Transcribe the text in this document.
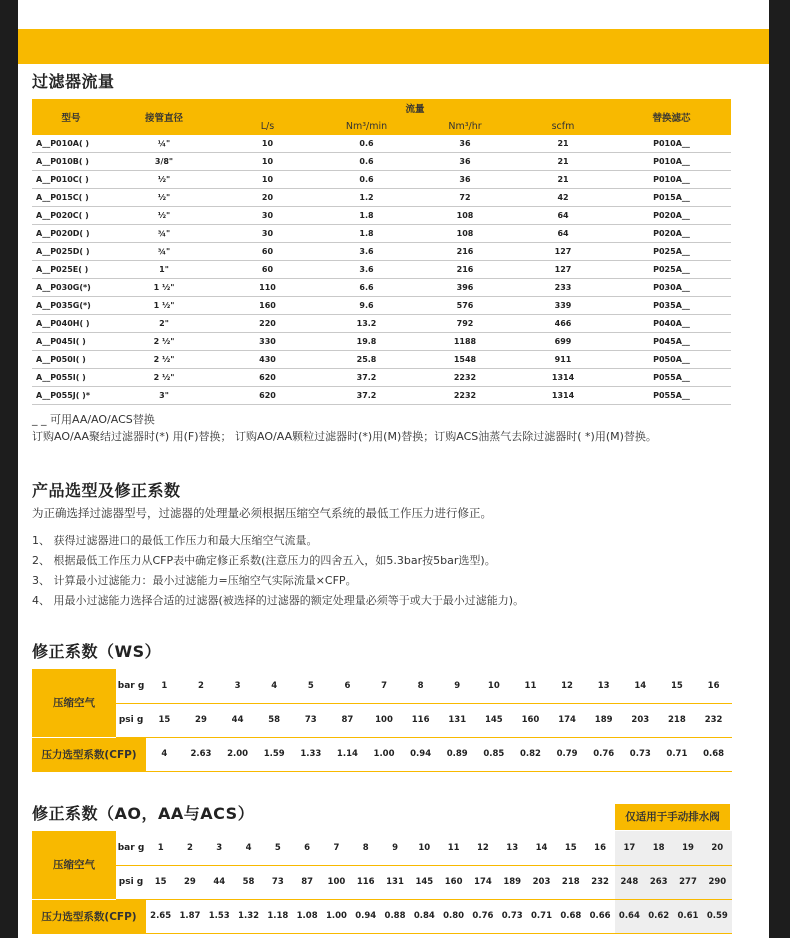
过滤器流量
型号	接管直径	流量				替换滤芯
		L/s	Nm³/min	Nm³/hr	scfm	
A__P010A( )	¼"	10	0.6	36	21	P010A__
A__P010B( )	3/8"	10	0.6	36	21	P010A__
A__P010C( )	½"	10	0.6	36	21	P010A__
A__P015C( )	½"	20	1.2	72	42	P015A__
A__P020C( )	½"	30	1.8	108	64	P020A__
A__P020D( )	¾"	30	1.8	108	64	P020A__
A__P025D( )	¾"	60	3.6	216	127	P025A__
A__P025E( )	1"	60	3.6	216	127	P025A__
A__P030G(*)	1 ½"	110	6.6	396	233	P030A__
A__P035G(*)	1 ½"	160	9.6	576	339	P035A__
A__P040H( )	2"	220	13.2	792	466	P040A__
A__P045I( )	2 ½"	330	19.8	1188	699	P045A__
A__P050I( )	2 ½"	430	25.8	1548	911	P050A__
A__P055I( )	2 ½"	620	37.2	2232	1314	P055A__
A__P055J( )*	3"	620	37.2	2232	1314	P055A__
_ _ 可用AA/AO/ACS替换
订购AO/AA聚结过滤器时(*) 用(F)替换； 订购AO/AA颗粒过滤器时(*)用(M)替换；订购ACS油蒸气去除过滤器时( *)用(M)替换。
产品选型及修正系数
为正确选择过滤器型号，过滤器的处理量必须根据压缩空气系统的最低工作压力进行修正。
1、 获得过滤器进口的最低工作压力和最大压缩空气流量。
2、 根据最低工作压力从CFP表中确定修正系数(注意压力的四舍五入，如5.3bar按5bar选型)。
3、 计算最小过滤能力：最小过滤能力=压缩空气实际流量×CFP。
4、 用最小过滤能力选择合适的过滤器(被选择的过滤器的额定处理量必须等于或大于最小过滤能力)。
修正系数（WS）
压缩空气	bar g	1	2	3	4	5	6	7	8	9	10	11	12	13	14	15	16
	psi g	15	29	44	58	73	87	100	116	131	145	160	174	189	203	218	232
压力选型系数(CFP)		4	2.63	2.00	1.59	1.33	1.14	1.00	0.94	0.89	0.85	0.82	0.79	0.76	0.73	0.71	0.68
修正系数（AO，AA与ACS）	仅适用于手动排水阀
压缩空气	bar g	1	2	3	4	5	6	7	8	9	10	11	12	13	14	15	16	17	18	19	20
	psi g	15	29	44	58	73	87	100	116	131	145	160	174	189	203	218	232	248	263	277	290
压力选型系数(CFP)		2.65	1.87	1.53	1.32	1.18	1.08	1.00	0.94	0.88	0.84	0.80	0.76	0.73	0.71	0.68	0.66	0.64	0.62	0.61	0.59
